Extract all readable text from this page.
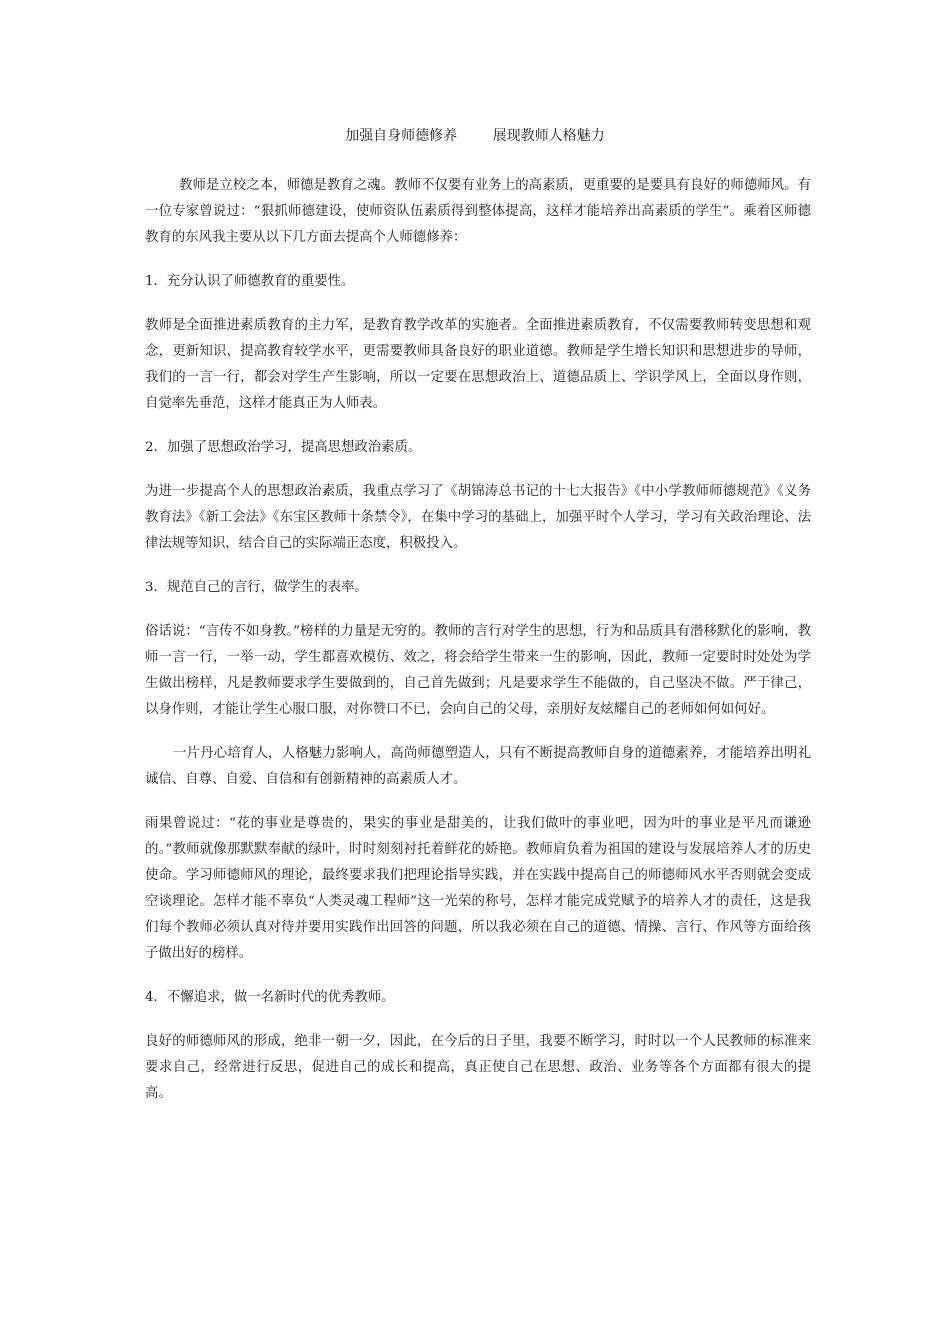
加强自身师德修养        展现教师人格魅力

教师是立校之本，师德是教育之魂。教师不仅要有业务上的高素质，更重要的是要具有良好的师德师风。有一位专家曾说过：“狠抓师德建设，使师资队伍素质得到整体提高，这样才能培养出高素质的学生”。乘着区师德教育的东风我主要从以下几方面去提高个人师德修养：

1．充分认识了师德教育的重要性。

教师是全面推进素质教育的主力军，是教育教学改革的实施者。全面推进素质教育，不仅需要教师转变思想和观念，更新知识，提高教育较学水平，更需要教师具备良好的职业道德。教师是学生增长知识和思想进步的导师，我们的一言一行，都会对学生产生影响，所以一定要在思想政治上、道德品质上、学识学风上，全面以身作则，自觉率先垂范，这样才能真正为人师表。

2．加强了思想政治学习，提高思想政治素质。

为进一步提高个人的思想政治素质，我重点学习了《胡锦涛总书记的十七大报告》《中小学教师师德规范》《义务教育法》《新工会法》《东宝区教师十条禁令》，在集中学习的基础上，加强平时个人学习，学习有关政治理论、法律法规等知识，结合自己的实际端正态度，积极投入。

3．规范自己的言行，做学生的表率。

俗话说：“言传不如身教。”榜样的力量是无穷的。教师的言行对学生的思想，行为和品质具有潜移默化的影响，教师一言一行，一举一动，学生都喜欢模仿、效之，将会给学生带来一生的影响，因此，教师一定要时时处处为学生做出榜样，凡是教师要求学生要做到的，自己首先做到；凡是要求学生不能做的，自己坚决不做。严于律己，以身作则，才能让学生心服口服，对你赞口不已，会向自己的父母，亲朋好友炫耀自己的老师如何如何好。

一片丹心培育人，人格魅力影响人，高尚师德塑造人，只有不断提高教师自身的道德素养，才能培养出明礼诚信、自尊、自爱、自信和有创新精神的高素质人才。

雨果曾说过：“花的事业是尊贵的，果实的事业是甜美的，让我们做叶的事业吧，因为叶的事业是平凡而谦逊的。”教师就像那默默奉献的绿叶，时时刻刻衬托着鲜花的娇艳。教师肩负着为祖国的建设与发展培养人才的历史使命。学习师德师风的理论，最终要求我们把理论指导实践，并在实践中提高自己的师德师风水平否则就会变成空谈理论。怎样才能不辜负“人类灵魂工程师”这一光荣的称号，怎样才能完成党赋予的培养人才的责任，这是我们每个教师必须认真对待并要用实践作出回答的问题，所以我必须在自己的道德、情操、言行、作风等方面给孩子做出好的榜样。

4．不懈追求，做一名新时代的优秀教师。

良好的师德师风的形成，绝非一朝一夕，因此，在今后的日子里，我要不断学习，时时以一个人民教师的标准来要求自己，经常进行反思，促进自己的成长和提高，真正使自己在思想、政治、业务等各个方面都有很大的提高。
